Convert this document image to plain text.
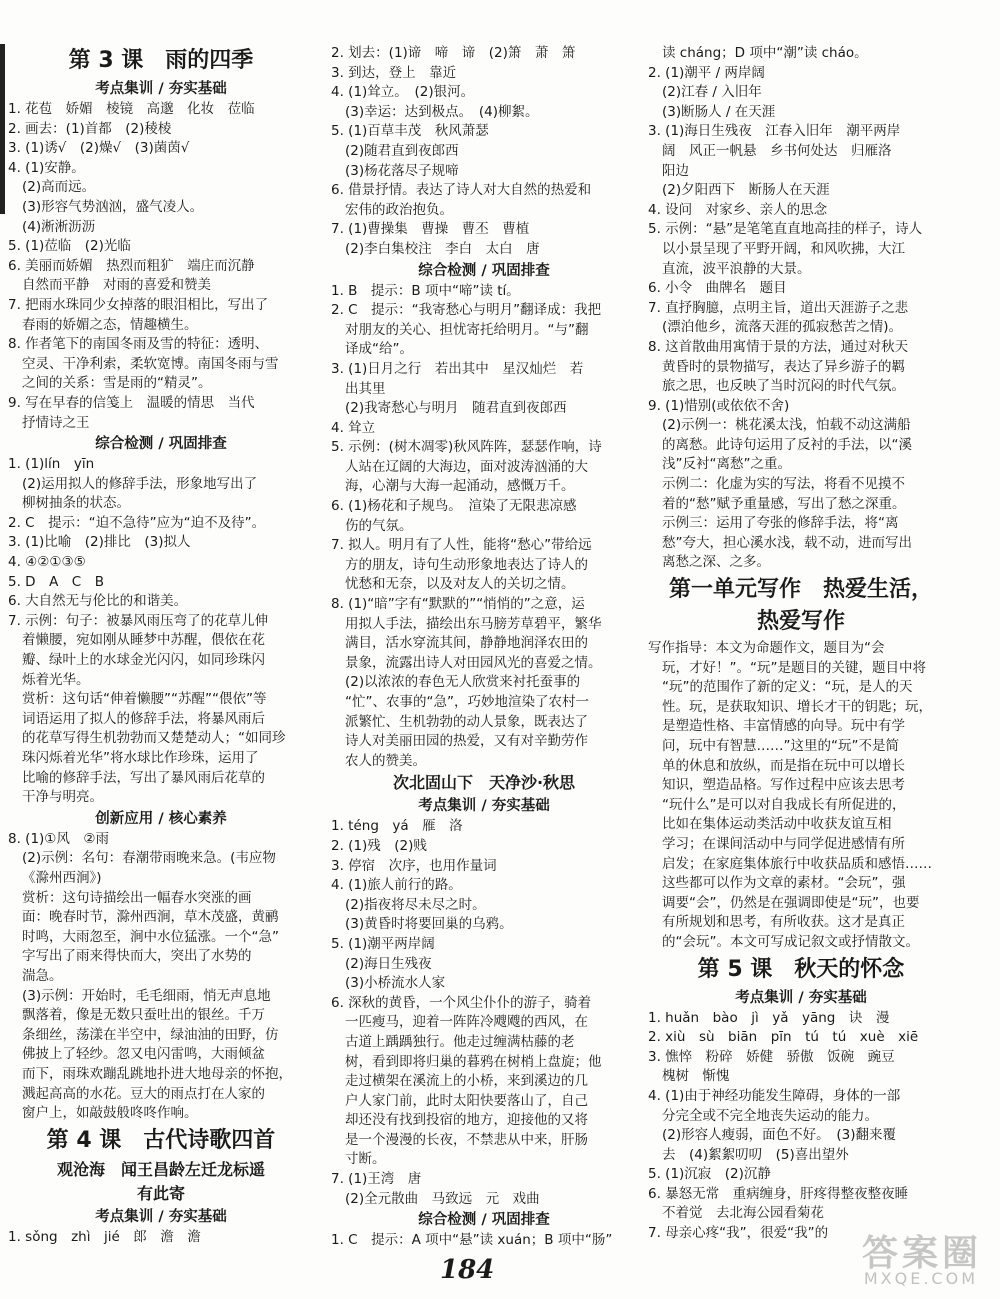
第 3 课　雨的四季
考点集训 / 夯实基础
1. 花苞　娇媚　棱镜　高邈　化妆　莅临
2. 画去：(1)首都　(2)稜棱
3. (1)诱√　(2)燥√　(3)菌茵√
4. (1)安静。
(2)高而远。
(3)形容气势汹汹，盛气凌人。
(4)淅淅沥沥
5. (1)莅临　(2)光临
6. 美丽而娇媚　热烈而粗犷　端庄而沉静
自然而平静　对雨的喜爱和赞美
7. 把雨水珠同少女掉落的眼泪相比，写出了
春雨的娇媚之态，情趣横生。
8. 作者笔下的南国冬雨及雪的特征：透明、
空灵、干净利索，柔软宽博。南国冬雨与雪
之间的关系：雪是雨的“精灵”。
9. 写在早春的信笺上　温暖的情思　当代
抒情诗之王
综合检测 / 巩固排查
1. (1)lín　yīn
(2)运用拟人的修辞手法，形象地写出了
柳树抽条的状态。
2. C　提示：“迫不急待”应为“迫不及待”。
3. (1)比喻　(2)排比　(3)拟人
4. ④②①③⑤
5. D　A　C　B
6. 大自然无与伦比的和谐美。
7. 示例：句子：被暴风雨压弯了的花草儿伸
着懒腰，宛如刚从睡梦中苏醒，偎依在花
瓣、绿叶上的水球金光闪闪，如同珍珠闪
烁着光华。
赏析：这句话“伸着懒腰”“苏醒”“偎依”等
词语运用了拟人的修辞手法，将暴风雨后
的花草写得生机勃勃而又楚楚动人；“如同珍
珠闪烁着光华”将水球比作珍珠，运用了
比喻的修辞手法，写出了暴风雨后花草的
干净与明亮。
创新应用 / 核心素养
8. (1)①风　②雨
(2)示例：名句：春潮带雨晚来急。(韦应物
《滁州西涧》)
赏析：这句诗描绘出一幅春水突涨的画
面：晚春时节，滁州西涧，草木茂盛，黄鹂
时鸣，大雨忽至，涧中水位猛涨。一个“急”
字写出了雨来得快而大，突出了水势的
湍急。
(3)示例：开始时，毛毛细雨，悄无声息地
飘落着，像是无数只蚕吐出的银丝。千万
条细丝，荡漾在半空中，绿油油的田野，仿
佛披上了轻纱。忽又电闪雷鸣，大雨倾盆
而下，雨珠欢蹦乱跳地扑进大地母亲的怀抱，
溅起高高的水花。豆大的雨点打在人家的
窗户上，如敲鼓般咚咚作响。
第 4 课　古代诗歌四首
观沧海　闻王昌龄左迁龙标遥
有此寄
考点集训 / 夯实基础
1. sǒng　zhì　jié　郎　澹　澹
2. 划去：(1)谛　啼　谛　(2)箫　萧　箫
3. 到达，登上　靠近
4. (1)耸立。　(2)银河。
(3)幸运：达到极点。　(4)柳絮。
5. (1)百草丰茂　秋风萧瑟
(2)随君直到夜郎西
(3)杨花落尽子规啼
6. 借景抒情。表达了诗人对大自然的热爱和
宏伟的政治抱负。
7. (1)曹操集　曹操　曹丕　曹植
(2)李白集校注　李白　太白　唐
综合检测 / 巩固排查
1. B　提示：B 项中“啼”读 tí。
2. C　提示：“我寄愁心与明月”翻译成：我把
对朋友的关心、担忧寄托给明月。“与”翻
译成“给”。
3. (1)日月之行　若出其中　星汉灿烂　若
出其里
(2)我寄愁心与明月　随君直到夜郎西
4. 耸立
5. 示例：(树木凋零)秋风阵阵，瑟瑟作响，诗
人站在辽阔的大海边，面对波涛汹涌的大
海，心潮与大海一起涌动，感慨万千。
6. (1)杨花和子规鸟。　渲染了无限悲凉感
伤的气氛。
7. 拟人。明月有了人性，能将“愁心”带给远
方的朋友，诗句生动形象地表达了诗人的
忧愁和无奈，以及对友人的关切之情。
8. (1)“暗”字有“默默的”“悄悄的”之意，运
用拟人手法，描绘出东马膀芳草碧平，繁华
满目，活水穿流其间，静静地润泽农田的
景象，流露出诗人对田园风光的喜爱之情。
(2)以浓浓的春色无人欣赏来衬托蚕事的
“忙”、农事的“急”，巧妙地渲染了农村一
派繁忙、生机勃勃的动人景象，既表达了
诗人对美丽田园的热爱，又有对辛勤劳作
农人的赞美。
次北固山下　天净沙·秋思
考点集训 / 夯实基础
1. téng　yá　雁　洛
2. (1)残　(2)贱
3. 停宿　次序，也用作量词
4. (1)旅人前行的路。
(2)指夜将尽未尽之时。
(3)黄昏时将要回巢的乌鸦。
5. (1)潮平两岸阔
(2)海日生残夜
(3)小桥流水人家
6. 深秋的黄昏，一个风尘仆仆的游子，骑着
一匹瘦马，迎着一阵阵冷飕飕的西风，在
古道上踽踽独行。他走过缠满枯藤的老
树，看到即将归巢的暮鸦在树梢上盘旋；他
走过横架在溪流上的小桥，来到溪边的几
户人家门前，此时太阳快要落山了，自己
却还没有找到投宿的地方，迎接他的又将
是一个漫漫的长夜，不禁悲从中来，肝肠
寸断。
7. (1)王湾　唐
(2)全元散曲　马致远　元　戏曲
综合检测 / 巩固排查
1. C　提示：A 项中“悬”读 xuán；B 项中“肠”
读 cháng；D 项中“潮”读 cháo。
2. (1)潮平 / 两岸阔
(2)江春 / 入旧年
(3)断肠人 / 在天涯
3. (1)海日生残夜　江春入旧年　潮平两岸
阔　风正一帆悬　乡书何处达　归雁洛
阳边
(2)夕阳西下　断肠人在天涯
4. 设问　对家乡、亲人的思念
5. 示例：“悬”是笔笔直直地高挂的样子，诗人
以小景呈现了平野开阔，和风吹拂，大江
直流，波平浪静的大景。
6. 小令　曲牌名　题目
7. 直抒胸臆，点明主旨，道出天涯游子之悲
(漂泊他乡，流落天涯的孤寂愁苦之情)。
8. 这首散曲用寓情于景的方法，通过对秋天
黄昏时的景物描写，表达了异乡游子的羁
旅之思，也反映了当时沉闷的时代气氛。
9. (1)惜别(或依依不舍)
(2)示例一：桃花溪太浅，怕载不动这满船
的离愁。此诗句运用了反衬的手法，以“溪
浅”反衬“离愁”之重。
示例二：化虚为实的写法，将看不见摸不
着的“愁”赋予重量感，写出了愁之深重。
示例三：运用了夸张的修辞手法，将“离
愁”夸大，担心溪水浅，载不动，进而写出
离愁之深、之多。
第一单元写作　热爱生活，
热爱写作
写作指导：本文为命题作文，题目为“会
玩，才好！”。“玩”是题目的关键，题目中将
“玩”的范围作了新的定义：“玩，是人的天
性。玩，是获取知识、增长才干的钥匙；玩，
是塑造性格、丰富情感的向导。玩中有学
问，玩中有智慧……”这里的“玩”不是简
单的休息和放纵，而是指在玩中可以增长
知识，塑造品格。写作过程中应该去思考
“玩什么”是可以对自我成长有所促进的，
比如在集体运动类活动中收获友谊互相
学习；在课间活动中与同学促进感情有所
启发；在家庭集体旅行中收获品质和感悟……
这些都可以作为文章的素材。“会玩”，强
调要“会”，仍然是在强调即使是“玩”，也要
有所规划和思考，有所收获。这才是真正
的“会玩”。本文可写成记叙文或抒情散文。
第 5 课　秋天的怀念
考点集训 / 夯实基础
1. huǎn　bào　jì　yǎ　yāng　诀　漫
2. xiù　sù　biān　pīn　tú　tú　xuè　xiē
3. 憔悴　粉碎　娇健　骄傲　饭碗　豌豆
槐树　惭愧
4. (1)由于神经功能发生障碍，身体的一部
分完全或不完全地丧失运动的能力。
(2)形容人瘦弱，面色不好。　(3)翻来覆
去　(4)絮絮叨叨　(5)喜出望外
5. (1)沉寂　(2)沉静
6. 暴怒无常　重病缠身，肝疼得整夜整夜睡
不着觉　去北海公园看菊花
7. 母亲心疼“我”，很爱“我”的
184	答案圈
MXQE.COM
